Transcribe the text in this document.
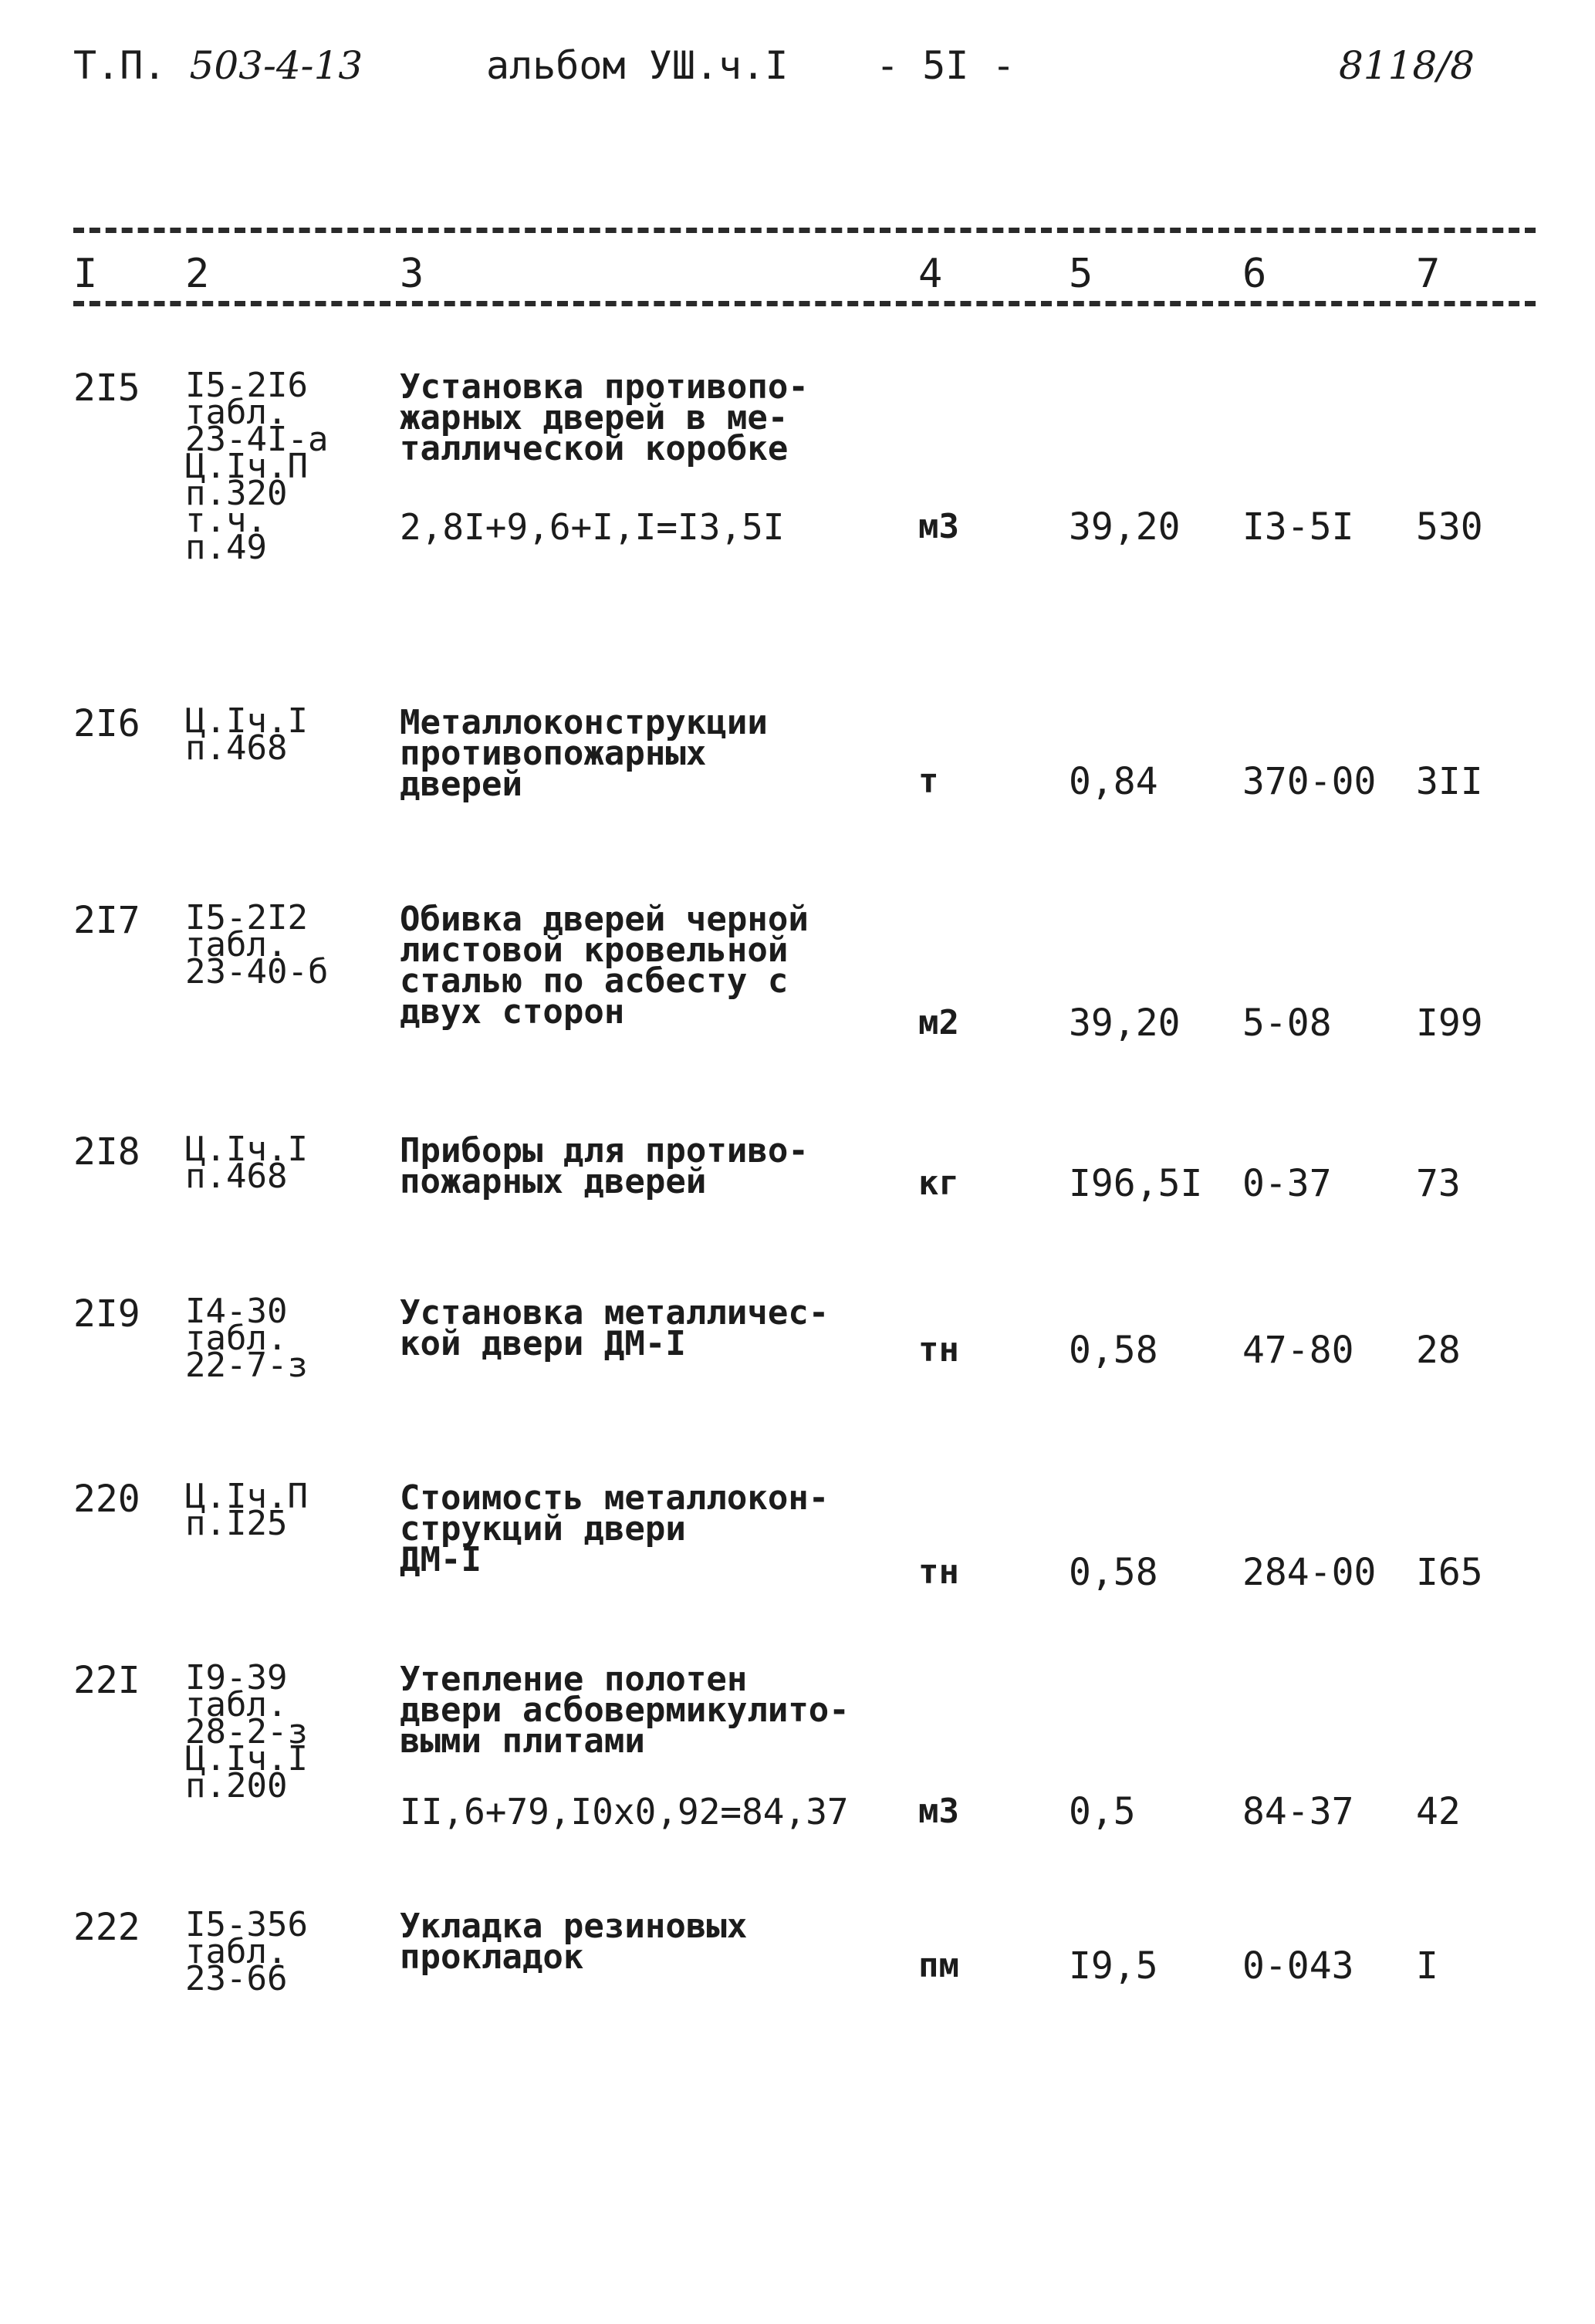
Т.П. 503-4-13	альбом УШ.ч.I - 5I -	8118/8
I 2	3	4	5	6	7
2I5 I5-2I6
табл.
23-4I-а
Ц.Iч.П
п.320
т.ч.
п.49
Установка противопо-
жарных дверей в ме-
таллической коробке
2,8I+9,6+I,I=I3,5I	м3	39,20 I3-5I 530
2I6 Ц.Iч.I
п.468
Металлоконструкции
противопожарных
дверей	т	0,84 370-00 3II
2I7 I5-2I2
табл.
23-40-б
Обивка дверей черной
листовой кровельной
сталью по асбесту с
двух сторон	м2	39,20 5-08 I99
2I8 Ц.Iч.I
п.468
Приборы для противо-
пожарных дверей	кг	I96,5I 0-37 73
2I9 I4-30
табл.
22-7-з
Установка металличес-
кой двери ДМ-I	тн	0,58 47-80 28
220 Ц.Iч.П
п.I25
Стоимость металлокон-
струкций двери
ДМ-I	тн	0,58 284-00 I65
22I I9-39
табл.
28-2-з
Ц.Iч.I
п.200
Утепление полотен
двери асбовермикулито-
выми плитами
II,6+79,I0x0,92=84,37 м3	0,5	84-37 42
222 I5-356
табл.
23-66
Укладка резиновых
прокладок	пм	I9,5 0-043 I
